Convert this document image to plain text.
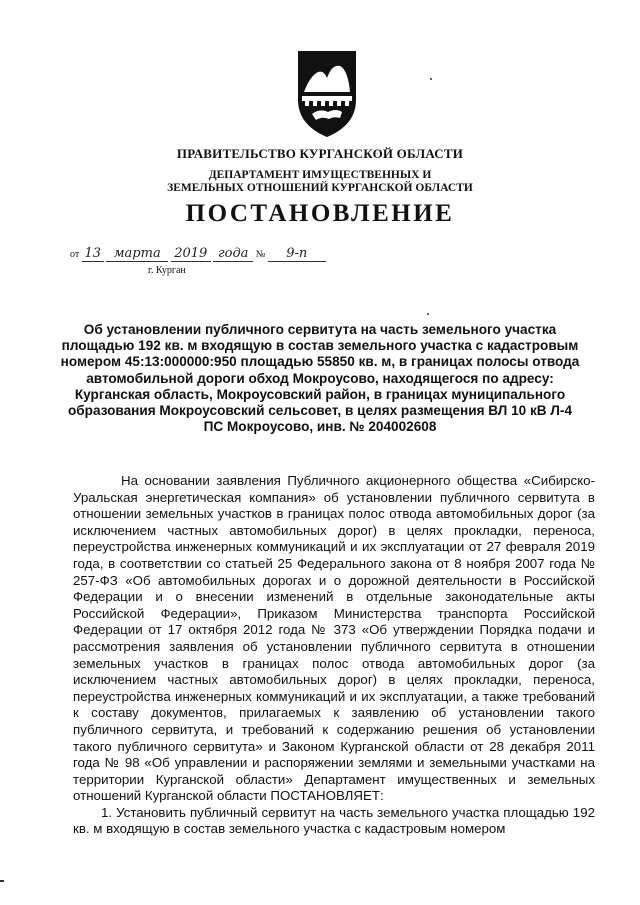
ПРАВИТЕЛЬСТВО КУРГАНСКОЙ ОБЛАСТИ
ДЕПАРТАМЕНТ ИМУЩЕСТВЕННЫХ И
ЗЕМЕЛЬНЫХ ОТНОШЕНИЙ КУРГАНСКОЙ ОБЛАСТИ
ПОСТАНОВЛЕНИЕ
от 13 марта 2019 года № 9-п
г. Курган
Об установлении публичного сервитута на часть земельного участка площадью 192 кв. м входящую в состав земельного участка с кадастровым номером 45:13:000000:950 площадью 55850 кв. м, в границах полосы отвода автомобильной дороги обход Мокроусово, находящегося по адресу: Курганская область, Мокроусовский район, в границах муниципального образования Мокроусовский сельсовет, в целях размещения ВЛ 10 кВ Л-4 ПС Мокроусово, инв. № 204002608

На основании заявления Публичного акционерного общества «Сибирско-Уральская энергетическая компания» об установлении публичного сервитута в отношении земельных участков в границах полос отвода автомобильных дорог (за исключением частных автомобильных дорог) в целях прокладки, переноса, переустройства инженерных коммуникаций и их эксплуатации от 27 февраля 2019 года, в соответствии со статьей 25 Федерального закона от 8 ноября 2007 года № 257-ФЗ «Об автомобильных дорогах и о дорожной деятельности в Российской Федерации и о внесении изменений в отдельные законодательные акты Российской Федерации», Приказом Министерства транспорта Российской Федерации от 17 октября 2012 года № 373 «Об утверждении Порядка подачи и рассмотрения заявления об установлении публичного сервитута в отношении земельных участков в границах полос отвода автомобильных дорог (за исключением частных автомобильных дорог) в целях прокладки, переноса, переустройства инженерных коммуникаций и их эксплуатации, а также требований к составу документов, прилагаемых к заявлению об установлении такого публичного сервитута, и требований к содержанию решения об установлении такого публичного сервитута» и Законом Курганской области от 28 декабря 2011 года № 98 «Об управлении и распоряжении землями и земельными участками на территории Курганской области» Департамент имущественных и земельных отношений Курганской области ПОСТАНОВЛЯЕТ:

1. Установить публичный сервитут на часть земельного участка площадью 192 кв. м входящую в состав земельного участка с кадастровым номером
